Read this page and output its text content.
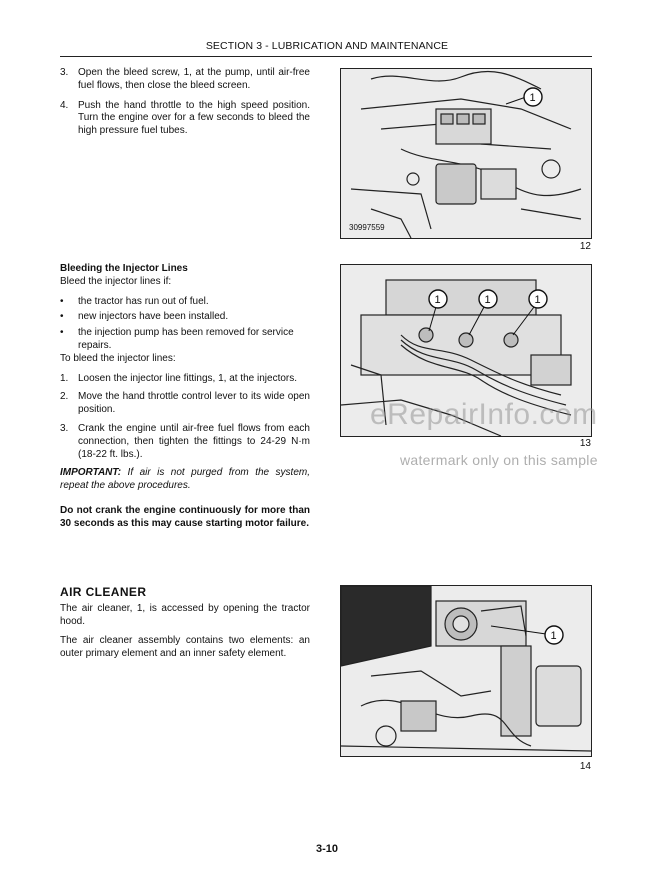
SECTION 3 - LUBRICATION AND MAINTENANCE
3. Open the bleed screw, 1, at the pump, until air-free fuel flows, then close the bleed screen.
4. Push the hand throttle to the high speed position. Turn the engine over for a few seconds to bleed the high pressure fuel tubes.
1
30997559
12
Bleeding the Injector Lines
Bleed the injector lines if:
•	the tractor has run out of fuel.
•	new injectors have been installed.
•	the injection pump has been removed for service repairs.
To bleed the injector lines:
1. Loosen the injector line fittings, 1, at the injectors.
2. Move the hand throttle control lever to its wide open position.
3. Crank the engine until air-free fuel flows from each connection, then tighten the fittings to 24-29 N·m (18-22 ft. lbs.).
IMPORTANT: If air is not purged from the system, repeat the above procedures.
Do not crank the engine continuously for more than 30 seconds as this may cause starting motor failure.
1	1	1
13
eRepairInfo.com
watermark only on this sample
AIR CLEANER
The air cleaner, 1, is accessed by opening the tractor hood.
The air cleaner assembly contains two elements: an outer primary element and an inner safety element.
1
14
3-10
